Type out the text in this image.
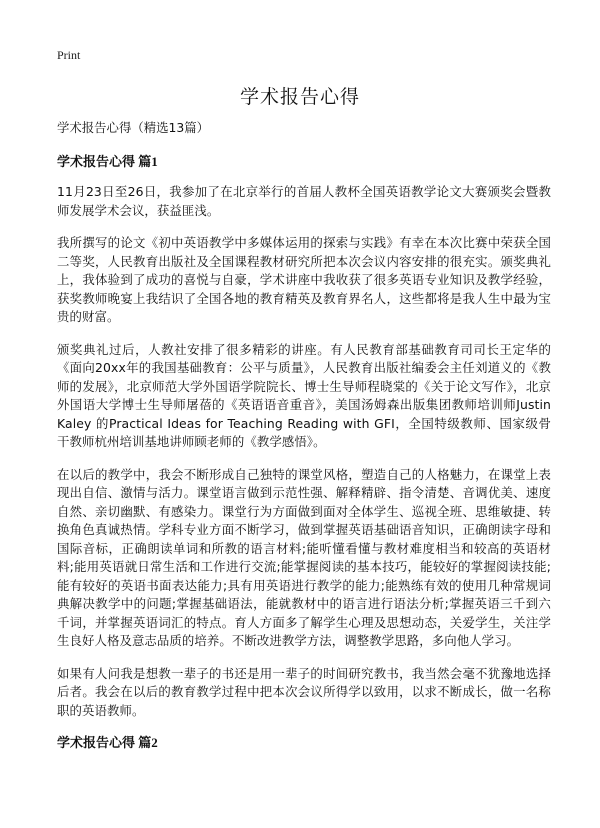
Print
学术报告心得

学术报告心得（精选13篇）

学术报告心得 篇1

11月23日至26日，我参加了在北京举行的首届人教杯全国英语教学论文大赛颁奖会暨教师发展学术会议，获益匪浅。

我所撰写的论文《初中英语教学中多媒体运用的探索与实践》有幸在本次比赛中荣获全国二等奖，人民教育出版社及全国课程教材研究所把本次会议内容安排的很充实。颁奖典礼上，我体验到了成功的喜悦与自豪，学术讲座中我收获了很多英语专业知识及教学经验，获奖教师晚宴上我结识了全国各地的教育精英及教育界名人，这些都将是我人生中最为宝贵的财富。

颁奖典礼过后，人教社安排了很多精彩的讲座。有人民教育部基础教育司司长王定华的《面向20xx年的我国基础教育：公平与质量》，人民教育出版社编委会主任刘道义的《教师的发展》，北京师范大学外国语学院院长、博士生导师程晓棠的《关于论文写作》，北京外国语大学博士生导师屠蓓的《英语语音重音》，美国汤姆森出版集团教师培训师Justin Kaley 的Practical Ideas for Teaching Reading with GFI，全国特级教师、国家级骨干教师杭州培训基地讲师顾老师的《教学感悟》。

在以后的教学中，我会不断形成自己独特的课堂风格，塑造自己的人格魅力，在课堂上表现出自信、激情与活力。课堂语言做到示范性强、解释精辟、指令清楚、音调优美、速度自然、亲切幽默、有感染力。课堂行为方面做到面对全体学生、巡视全班、思维敏捷、转换角色真诚热情。学科专业方面不断学习，做到掌握英语基础语音知识，正确朗读字母和国际音标，正确朗读单词和所教的语言材料;能听懂看懂与教材难度相当和较高的英语材料;能用英语就日常生活和工作进行交流;能掌握阅读的基本技巧，能较好的掌握阅读技能;能有较好的英语书面表达能力;具有用英语进行教学的能力;能熟练有效的使用几种常规词典解决教学中的问题;掌握基础语法，能就教材中的语言进行语法分析;掌握英语三千到六千词，并掌握英语词汇的特点。育人方面多了解学生心理及思想动态，关爱学生，关注学生良好人格及意志品质的培养。不断改进教学方法，调整教学思路，多向他人学习。

如果有人问我是想教一辈子的书还是用一辈子的时间研究教书，我当然会毫不犹豫地选择后者。我会在以后的教育教学过程中把本次会议所得学以致用，以求不断成长，做一名称职的英语教师。

学术报告心得 篇2
